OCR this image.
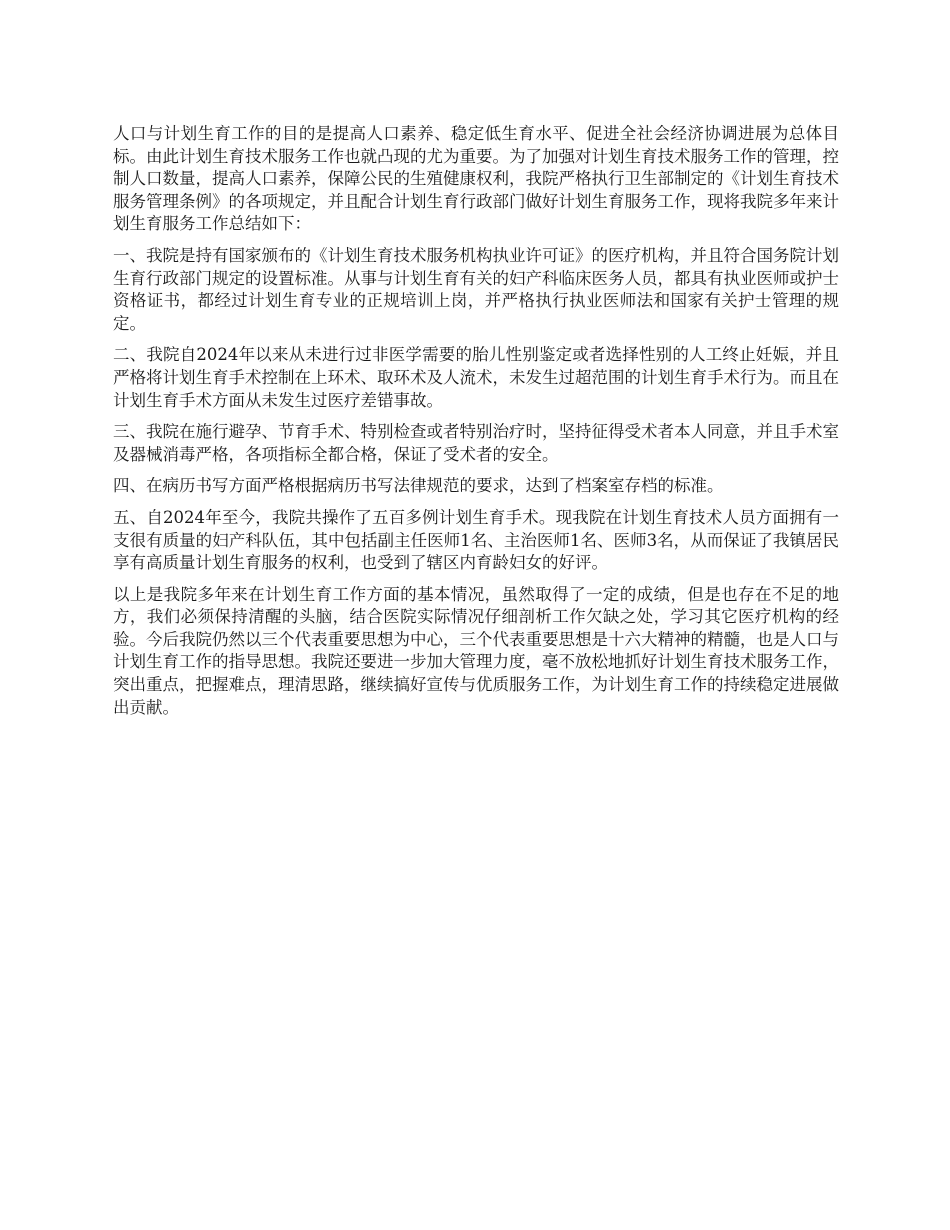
人口与计划生育工作的目的是提高人口素养、稳定低生育水平、促进全社会经济协调进展为总体目标。由此计划生育技术服务工作也就凸现的尤为重要。为了加强对计划生育技术服务工作的管理，控制人口数量，提高人口素养，保障公民的生殖健康权利，我院严格执行卫生部制定的《计划生育技术服务管理条例》的各项规定，并且配合计划生育行政部门做好计划生育服务工作，现将我院多年来计划生育服务工作总结如下：

一、我院是持有国家颁布的《计划生育技术服务机构执业许可证》的医疗机构，并且符合国务院计划生育行政部门规定的设置标准。从事与计划生育有关的妇产科临床医务人员，都具有执业医师或护士资格证书，都经过计划生育专业的正规培训上岗，并严格执行执业医师法和国家有关护士管理的规定。

二、我院自2024年以来从未进行过非医学需要的胎儿性别鉴定或者选择性别的人工终止妊娠，并且严格将计划生育手术控制在上环术、取环术及人流术，未发生过超范围的计划生育手术行为。而且在计划生育手术方面从未发生过医疗差错事故。

三、我院在施行避孕、节育手术、特别检查或者特别治疗时，坚持征得受术者本人同意，并且手术室及器械消毒严格，各项指标全都合格，保证了受术者的安全。

四、在病历书写方面严格根据病历书写法律规范的要求，达到了档案室存档的标准。

五、自2024年至今，我院共操作了五百多例计划生育手术。现我院在计划生育技术人员方面拥有一支很有质量的妇产科队伍，其中包括副主任医师1名、主治医师1名、医师3名，从而保证了我镇居民享有高质量计划生育服务的权利，也受到了辖区内育龄妇女的好评。

以上是我院多年来在计划生育工作方面的基本情况，虽然取得了一定的成绩，但是也存在不足的地方，我们必须保持清醒的头脑，结合医院实际情况仔细剖析工作欠缺之处，学习其它医疗机构的经验。今后我院仍然以三个代表重要思想为中心，三个代表重要思想是十六大精神的精髓，也是人口与计划生育工作的指导思想。我院还要进一步加大管理力度，毫不放松地抓好计划生育技术服务工作，突出重点，把握难点，理清思路，继续搞好宣传与优质服务工作，为计划生育工作的持续稳定进展做出贡献。
